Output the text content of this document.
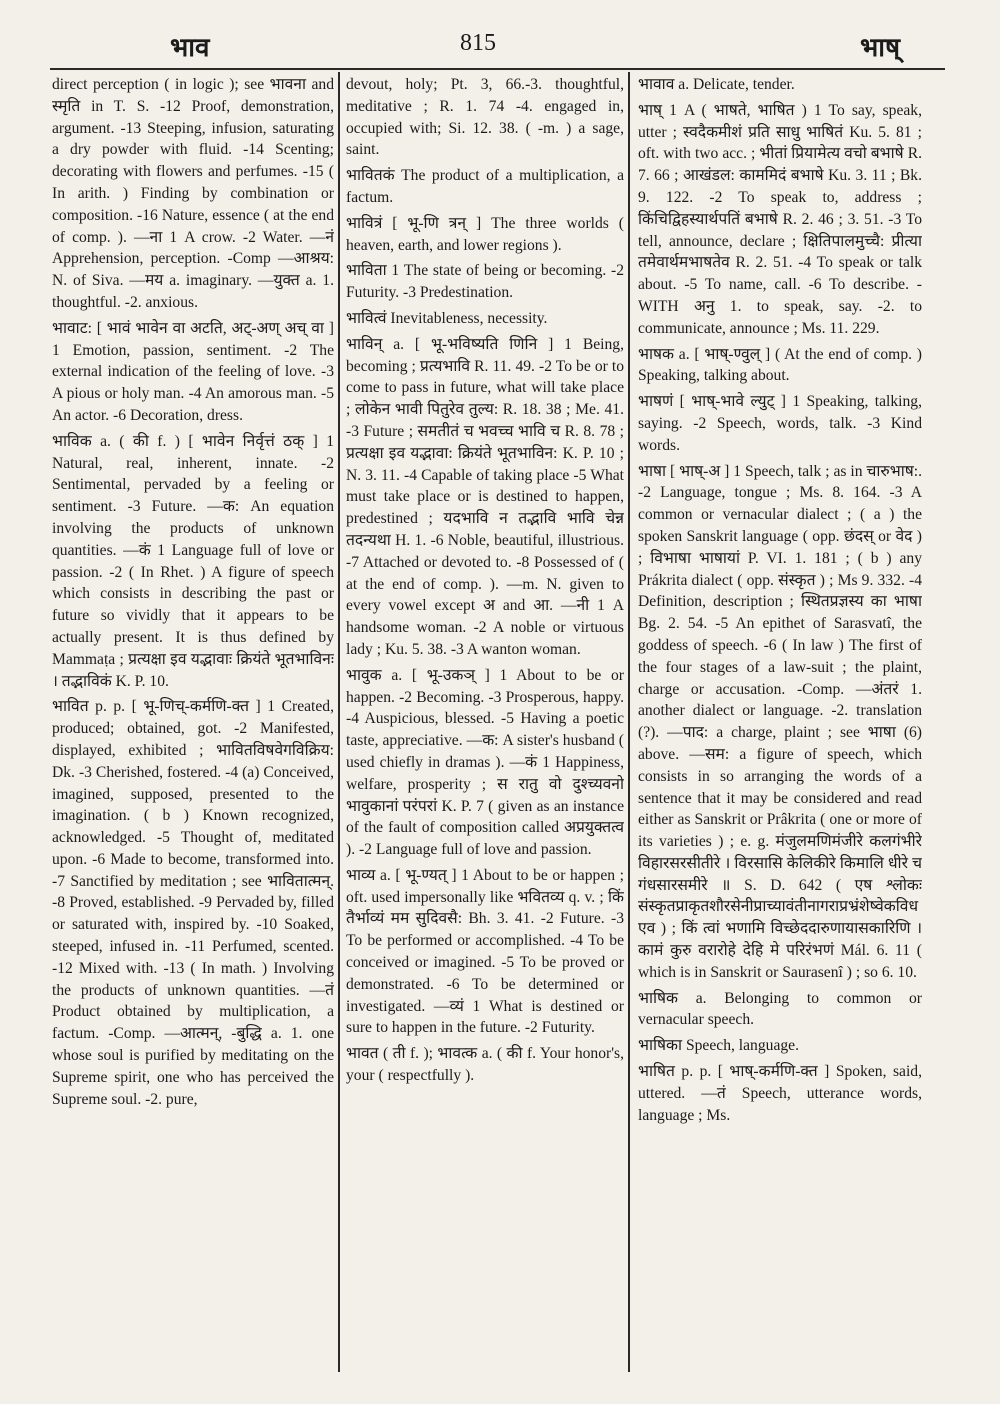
भाव	815	भाष्

direct perception ( in logic ); see भावना and स्मृति in T. S. -12 Proof, demonstration, argument. -13 Steeping, infusion, saturating a dry powder with fluid. -14 Scenting; decorating with flowers and perfumes. -15 ( In arith. ) Finding by combination or composition. -16 Nature, essence ( at the end of comp. ). —ना 1 A crow. -2 Water. —नं Apprehension, perception. -Comp —आश्रय: N. of Siva. —मय a. imaginary. —युक्त a. 1. thoughtful. -2. anxious.

भावाट: [ भावं भावेन वा अटति, अट्-अण् अच् वा ] 1 Emotion, passion, sentiment. -2 The external indication of the feeling of love. -3 A pious or holy man. -4 An amorous man. -5 An actor. -6 Decoration, dress.

भाविक a. ( की f. ) [ भावेन निर्वृत्तं ठक् ] 1 Natural, real, inherent, innate. -2 Sentimental, pervaded by a feeling or sentiment. -3 Future. —क: An equation involving the products of unknown quantities. —कं 1 Language full of love or passion. -2 ( In Rhet. ) A figure of speech which consists in describing the past or future so vividly that it appears to be actually present. It is thus defined by Mammaṭa ; प्रत्यक्षा इव यद्भावाः क्रियंते भूतभाविनः । तद्भाविकं K. P. 10.

भावित p. p. [ भू-णिच्-कर्मणि-क्त ] 1 Created, produced; obtained, got. -2 Manifested, displayed, exhibited ; भावितविषवेगविक्रिय: Dk. -3 Cherished, fostered. -4 (a) Conceived, imagined, supposed, presented to the imagination. ( b ) Known recognized, acknowledged. -5 Thought of, meditated upon. -6 Made to become, transformed into. -7 Sanctified by meditation ; see भावितात्मन्. -8 Proved, established. -9 Pervaded by, filled or saturated with, inspired by. -10 Soaked, steeped, infused in. -11 Perfumed, scented. -12 Mixed with. -13 ( In math. ) Involving the products of unknown quantities. —तं Product obtained by multiplication, a factum. -Comp. —आत्मन्, -बुद्धि a. 1. one whose soul is purified by meditating on the Supreme spirit, one who has perceived the Supreme soul. -2. pure,

devout, holy; Pt. 3, 66.-3. thoughtful, meditative ; R. 1. 74 -4. engaged in, occupied with; Si. 12. 38. ( -m. ) a sage, saint.

भावितकं The product of a multiplication, a factum.

भावित्रं [ भू-णि त्रन् ] The three worlds ( heaven, earth, and lower regions ).

भाविता 1 The state of being or becoming. -2 Futurity. -3 Predestination.

भावित्वं Inevitableness, necessity.

भाविन् a. [ भू-भविष्यति णिनि ] 1 Being, becoming ; प्रत्यभावि R. 11. 49. -2 To be or to come to pass in future, what will take place ; लोकेन भावी पितुरेव तुल्य: R. 18. 38 ; Me. 41. -3 Future ; समतीतं च भवच्च भावि च R. 8. 78 ; प्रत्यक्षा इव यद्भावा: क्रियंते भूतभाविन: K. P. 10 ; N. 3. 11. -4 Capable of taking place -5 What must take place or is destined to happen, predestined ; यदभावि न तद्भावि भावि चेन्न तदन्यथा H. 1. -6 Noble, beautiful, illustrious. -7 Attached or devoted to. -8 Possessed of ( at the end of comp. ). —m. N. given to every vowel except अ and आ. —नी 1 A handsome woman. -2 A noble or virtuous lady ; Ku. 5. 38. -3 A wanton woman.

भावुक a. [ भू-उकञ् ] 1 About to be or happen. -2 Becoming. -3 Prosperous, happy. -4 Auspicious, blessed. -5 Having a poetic taste, appreciative. —क: A sister's husband ( used chiefly in dramas ). —कं 1 Happiness, welfare, prosperity ; स रातु वो दुश्च्यवनो भावुकानां परंपरां K. P. 7 ( given as an instance of the fault of composition called अप्रयुक्तत्व ). -2 Language full of love and passion.

भाव्य a. [ भू-ण्यत् ] 1 About to be or happen ; oft. used impersonally like भवितव्य q. v. ; किं तैर्भाव्यं मम सुदिवसै: Bh. 3. 41. -2 Future. -3 To be performed or accomplished. -4 To be conceived or imagined. -5 To be proved or demonstrated. -6 To be determined or investigated. —व्यं 1 What is destined or sure to happen in the future. -2 Futurity.

भावत ( ती f. ); भावत्क a. ( की f. Your honor's, your ( respectfully ).

भावाव a. Delicate, tender.

भाष् 1 A ( भाषते, भाषित ) 1 To say, speak, utter ; स्वदैकमीशं प्रति साधु भाषितं Ku. 5. 81 ; oft. with two acc. ; भीतां प्रियामेत्य वचो बभाषे R. 7. 66 ; आखंडल: काममिदं बभाषे Ku. 3. 11 ; Bk. 9. 122. -2 To speak to, address ; किंचिद्विहस्यार्थपतिं बभाषे R. 2. 46 ; 3. 51. -3 To tell, announce, declare ; क्षितिपालमुच्चै: प्रीत्या तमेवार्थमभाषतेव R. 2. 51. -4 To speak or talk about. -5 To name, call. -6 To describe. -WITH अनु 1. to speak, say. -2. to communicate, announce ; Ms. 11. 229.

भाषक a. [ भाष्-ण्वुल् ] ( At the end of comp. ) Speaking, talking about.

भाषणं [ भाष्-भावे ल्युट् ] 1 Speaking, talking, saying. -2 Speech, words, talk. -3 Kind words.

भाषा [ भाष्-अ ] 1 Speech, talk ; as in चारुभाष:. -2 Language, tongue ; Ms. 8. 164. -3 A common or vernacular dialect ; ( a ) the spoken Sanskrit language ( opp. छंदस् or वेद ) ; विभाषा भाषायां P. VI. 1. 181 ; ( b ) any Prákrita dialect ( opp. संस्कृत ) ; Ms 9. 332. -4 Definition, description ; स्थितप्रज्ञस्य का भाषा Bg. 2. 54. -5 An epithet of Sarasvatî, the goddess of speech. -6 ( In law ) The first of the four stages of a law-suit ; the plaint, charge or accusation. -Comp. —अंतरं 1. another dialect or language. -2. translation (?). —पाद: a charge, plaint ; see भाषा (6) above. —सम: a figure of speech, which consists in so arranging the words of a sentence that it may be considered and read either as Sanskrit or Prâkrita ( one or more of its varieties ) ; e. g. मंजुलमणिमंजीरे कलगंभीरे विहारसरसीतीरे । विरसासि केलिकीरे किमालि धीरे च गंधसारसमीरे ॥ S. D. 642 ( एष श्लोकः संस्कृतप्राकृतशौरसेनीप्राच्यावंतीनागराप्रभ्रंशेष्वेकविध एव ) ; किं त्वां भणामि विच्छेददारुणायासकारिणि । कामं कुरु वरारोहे देहि मे परिरंभणं Mál. 6. 11 ( which is in Sanskrit or Saurasenî ) ; so 6. 10.

भाषिक a. Belonging to common or vernacular speech.

भाषिका Speech, language.

भाषित p. p. [ भाष्-कर्मणि-क्त ] Spoken, said, uttered. —तं Speech, utterance words, language ; Ms.
